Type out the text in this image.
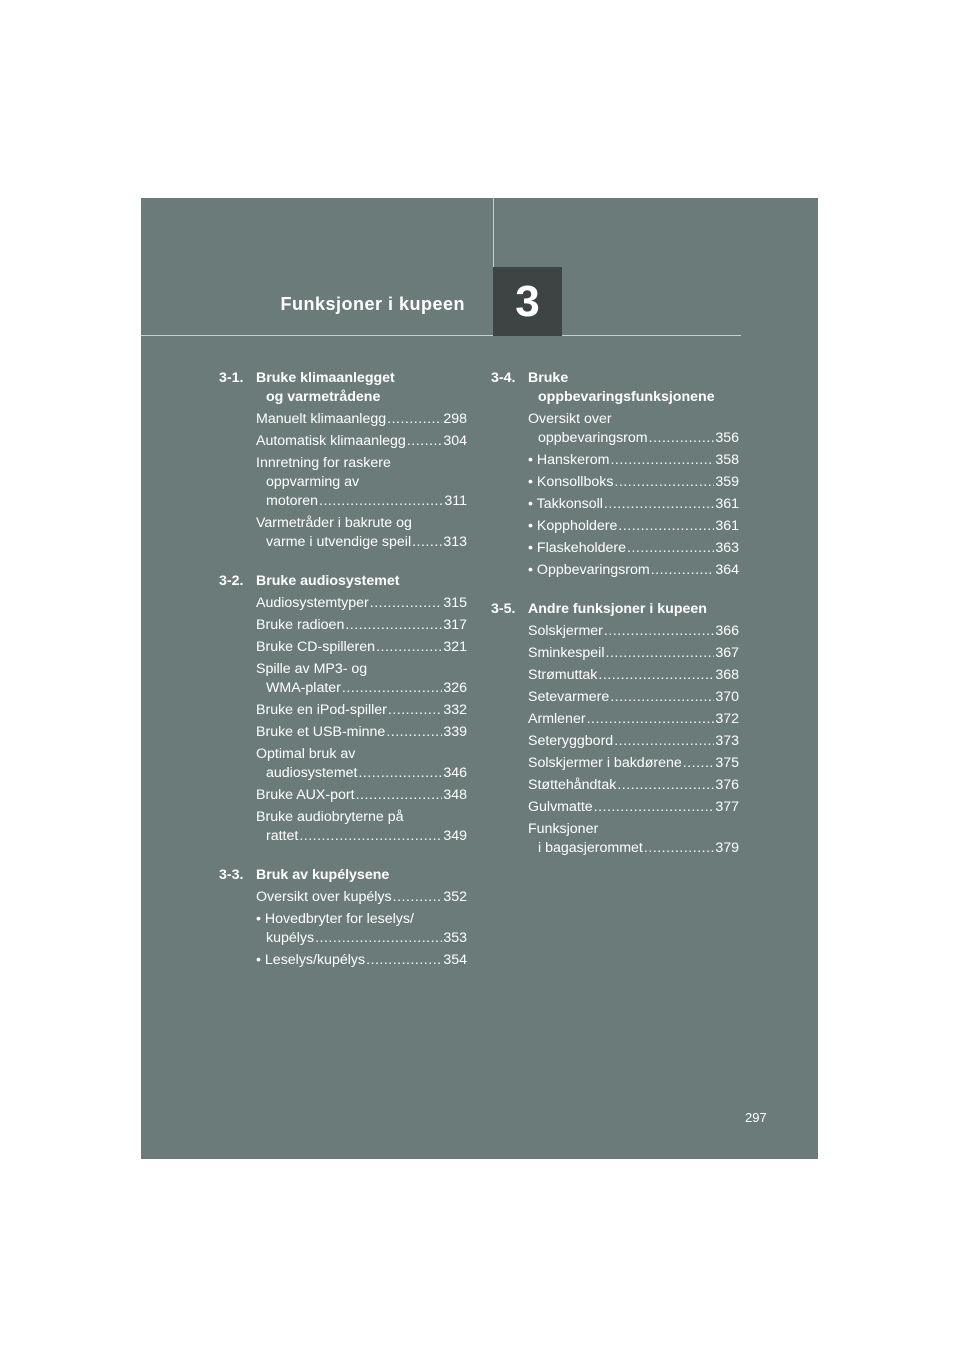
Funksjoner i kupeen	3
3-1. Bruke klimaanlegget
og varmetrådene
Manuelt klimaanlegg .....	298
Automatisk klimaanlegg .....	304
Innretning for raskere
oppvarming av
motoren .....	311
Varmetråder i bakrute og
varme i utvendige speil ..... 313
3-2. Bruke audiosystemet
Audiosystemtyper .....	315
Bruke radioen .....	317
Bruke CD-spilleren .....	321
Spille av MP3- og
WMA-plater .....	326
Bruke en iPod-spiller .....	332
Bruke et USB-minne .....	339
Optimal bruk av
audiosystemet .....	346
Bruke AUX-port .....	348
Bruke audiobryterne på
rattet .....	349
3-3. Bruk av kupélysene
Oversikt over kupélys .....	352
• Hovedbryter for leselys/
kupélys .....	353
• Leselys/kupélys .....	354
3-4. Bruke
oppbevaringsfunksjonene
Oversikt over
oppbevaringsrom .....	356
• Hanskerom .....	358
• Konsollboks .....	359
• Takkonsoll .....	361
• Koppholdere .....	361
• Flaskeholdere .....	363
• Oppbevaringsrom .....	364
3-5. Andre funksjoner i kupeen
Solskjermer .....	366
Sminkespeil .....	367
Strømuttak .....	368
Setevarmere .....	370
Armlener .....	372
Seteryggbord .....	373
Solskjermer i bakdørene ..... 375
Støttehåndtak .....	376
Gulvmatte .....	377
Funksjoner
i bagasjerommet .....	379
297
